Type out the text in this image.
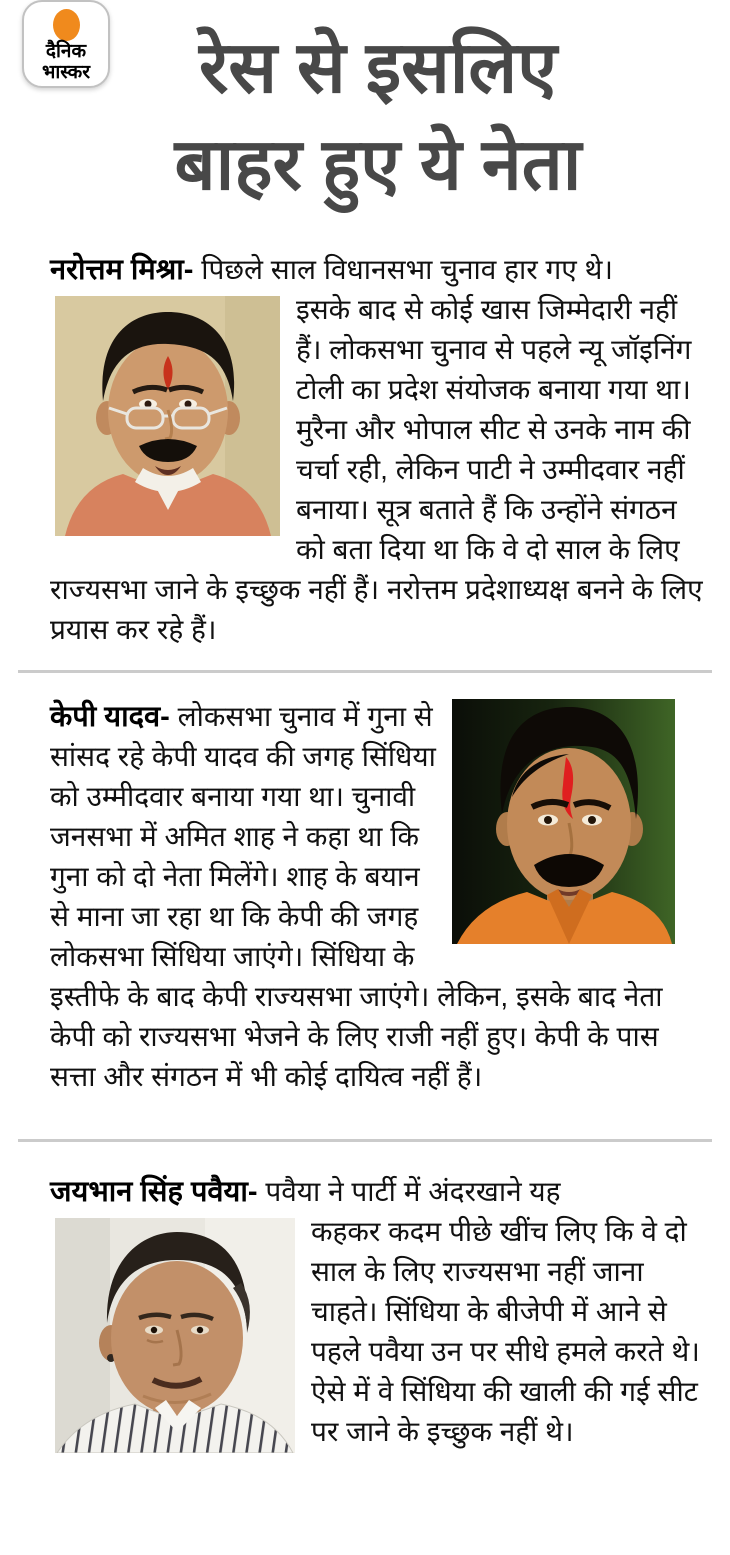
दैनिक
भास्कर	रेस से इसलिए
बाहर हुए ये नेता

नरोत्तम मिश्रा- पिछले साल विधानसभा चुनाव हार गए थे।

इसके बाद से कोई खास जिम्मेदारी नहीं हैं। लोकसभा चुनाव से पहले न्यू जॉइनिंग टोली का प्रदेश संयोजक बनाया गया था। मुरैना और भोपाल सीट से उनके नाम की चर्चा रही, लेकिन पाटी ने उम्मीदवार नहीं बनाया। सूत्र बताते हैं कि उन्होंने संगठन को बता दिया था कि वे दो साल के लिए राज्यसभा जाने के इच्छुक नहीं हैं। नरोत्तम प्रदेशाध्यक्ष बनने के लिए प्रयास कर रहे हैं।

केपी यादव- लोकसभा चुनाव में गुना से सांसद रहे केपी यादव की जगह सिंधिया को उम्मीदवार बनाया गया था। चुनावी जनसभा में अमित शाह ने कहा था कि गुना को दो नेता मिलेंगे। शाह के बयान से माना जा रहा था कि केपी की जगह लोकसभा सिंधिया जाएंगे। सिंधिया के इस्तीफे के बाद केपी राज्यसभा जाएंगे। लेकिन, इसके बाद नेता केपी को राज्यसभा भेजने के लिए राजी नहीं हुए। केपी के पास सत्ता और संगठन में भी कोई दायित्व नहीं हैं।

जयभान सिंह पवैया- पवैया ने पार्टी में अंदरखाने यह

कहकर कदम पीछे खींच लिए कि वे दो साल के लिए राज्यसभा नहीं जाना चाहते। सिंधिया के बीजेपी में आने से पहले पवैया उन पर सीधे हमले करते थे। ऐसे में वे सिंधिया की खाली की गई सीट पर जाने के इच्छुक नहीं थे।
